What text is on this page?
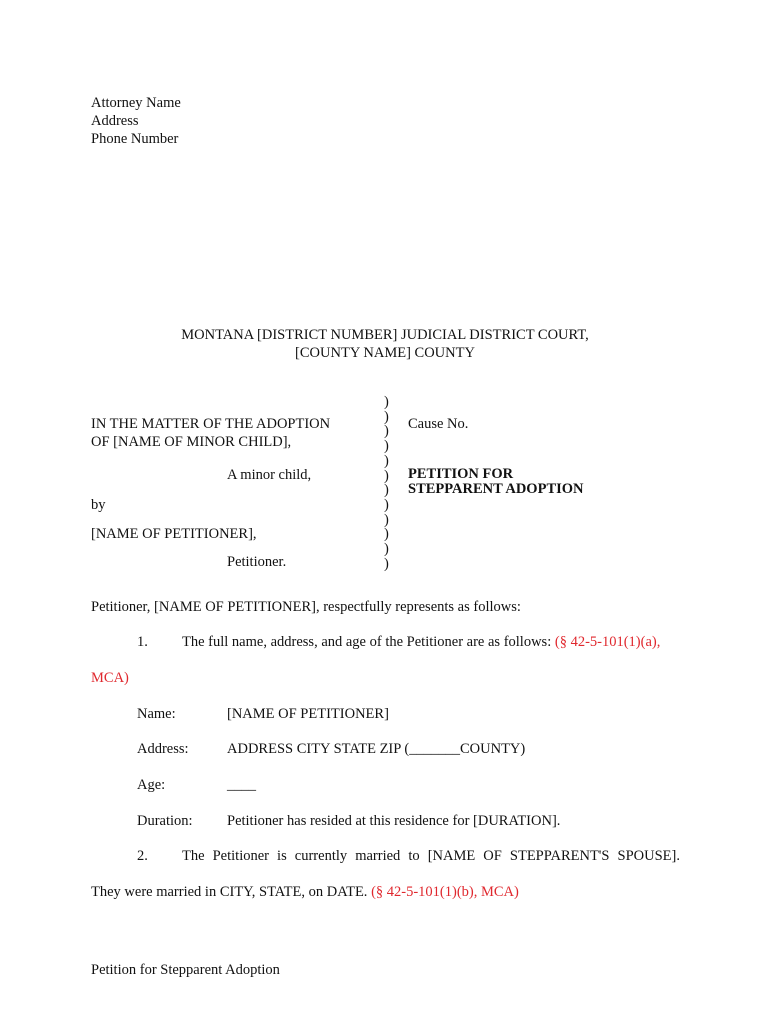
Attorney Name
Address
Phone Number
MONTANA [DISTRICT NUMBER] JUDICIAL DISTRICT COURT,
[COUNTY NAME] COUNTY
IN THE MATTER OF THE ADOPTION
OF [NAME OF MINOR CHILD],
A minor child,
by
[NAME OF PETITIONER],
Petitioner.
)
)
)
)
)
)
)
)
)
)
)
)
Cause No.
PETITION FOR
STEPPARENT ADOPTION
Petitioner, [NAME OF PETITIONER], respectfully represents as follows:
1. The full name, address, and age of the Petitioner are as follows: (§ 42-5-101(1)(a),
MCA)
Name:	[NAME OF PETITIONER]
Address:	ADDRESS CITY STATE ZIP (_______COUNTY)
Age:	____
Duration: Petitioner has resided at this residence for [DURATION].
2. The Petitioner is currently married to [NAME OF STEPPARENT'S SPOUSE].
They were married in CITY, STATE, on DATE. (§ 42-5-101(1)(b), MCA)
Petition for Stepparent Adoption
